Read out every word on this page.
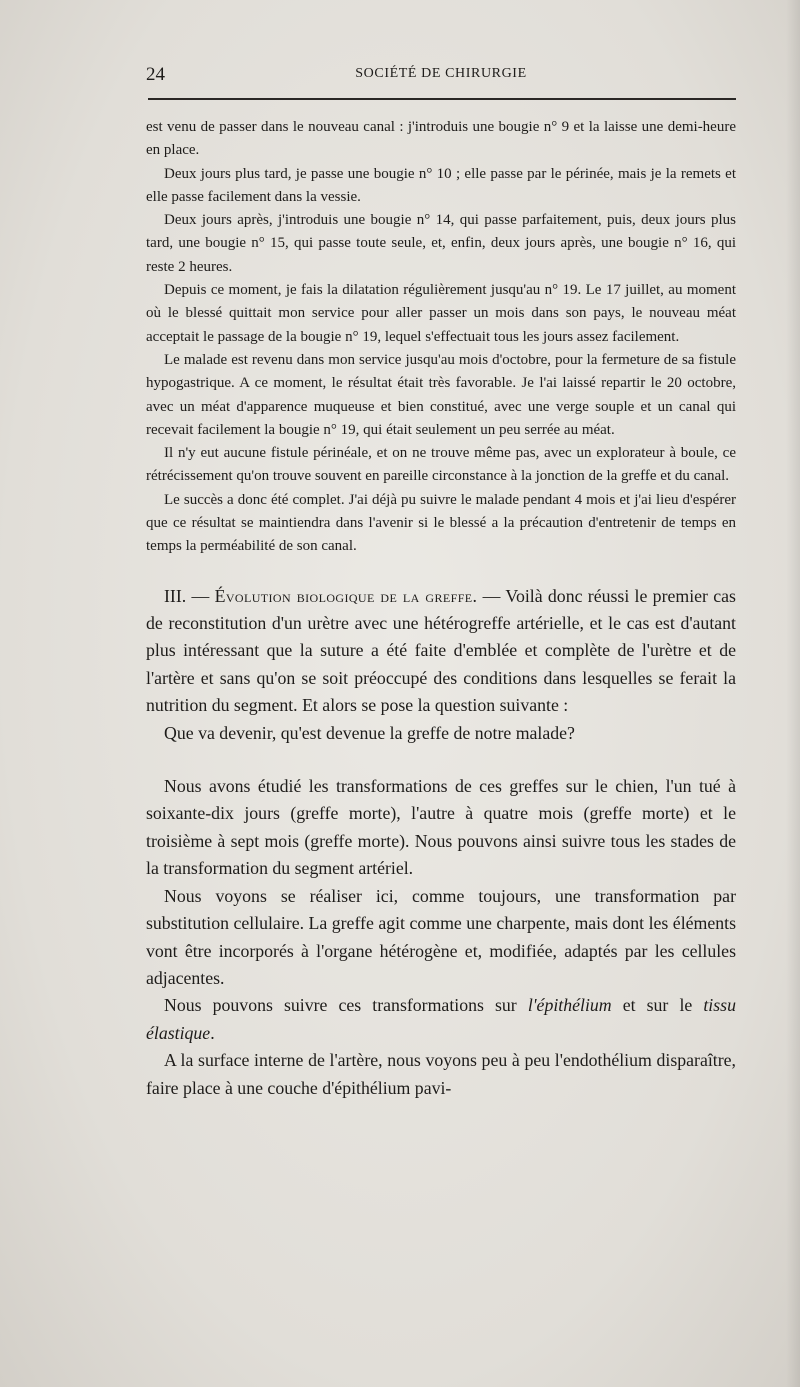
24	SOCIÉTÉ DE CHIRURGIE

est venu de passer dans le nouveau canal : j'introduis une bougie n° 9 et la laisse une demi-heure en place.

Deux jours plus tard, je passe une bougie n° 10 ; elle passe par le périnée, mais je la remets et elle passe facilement dans la vessie.

Deux jours après, j'introduis une bougie n° 14, qui passe parfaitement, puis, deux jours plus tard, une bougie n° 15, qui passe toute seule, et, enfin, deux jours après, une bougie n° 16, qui reste 2 heures.

Depuis ce moment, je fais la dilatation régulièrement jusqu'au n° 19. Le 17 juillet, au moment où le blessé quittait mon service pour aller passer un mois dans son pays, le nouveau méat acceptait le passage de la bougie n° 19, lequel s'effectuait tous les jours assez facilement.

Le malade est revenu dans mon service jusqu'au mois d'octobre, pour la fermeture de sa fistule hypogastrique. A ce moment, le résultat était très favorable. Je l'ai laissé repartir le 20 octobre, avec un méat d'apparence muqueuse et bien constitué, avec une verge souple et un canal qui recevait facilement la bougie n° 19, qui était seulement un peu serrée au méat.

Il n'y eut aucune fistule périnéale, et on ne trouve même pas, avec un explorateur à boule, ce rétrécissement qu'on trouve souvent en pareille circonstance à la jonction de la greffe et du canal.

Le succès a donc été complet. J'ai déjà pu suivre le malade pendant 4 mois et j'ai lieu d'espérer que ce résultat se maintiendra dans l'avenir si le blessé a la précaution d'entretenir de temps en temps la perméabilité de son canal.

III. — Évolution biologique de la greffe. — Voilà donc réussi le premier cas de reconstitution d'un urètre avec une hétérogreffe artérielle, et le cas est d'autant plus intéressant que la suture a été faite d'emblée et complète de l'urètre et de l'artère et sans qu'on se soit préoccupé des conditions dans lesquelles se ferait la nutrition du segment. Et alors se pose la question suivante :

Que va devenir, qu'est devenue la greffe de notre malade?

Nous avons étudié les transformations de ces greffes sur le chien, l'un tué à soixante-dix jours (greffe morte), l'autre à quatre mois (greffe morte) et le troisième à sept mois (greffe morte). Nous pouvons ainsi suivre tous les stades de la transformation du segment artériel.

Nous voyons se réaliser ici, comme toujours, une transformation par substitution cellulaire. La greffe agit comme une charpente, mais dont les éléments vont être incorporés à l'organe hétérogène et, modifiée, adaptés par les cellules adjacentes.

Nous pouvons suivre ces transformations sur l'épithélium et sur le tissu élastique.

A la surface interne de l'artère, nous voyons peu à peu l'endothélium disparaître, faire place à une couche d'épithélium pavi-
